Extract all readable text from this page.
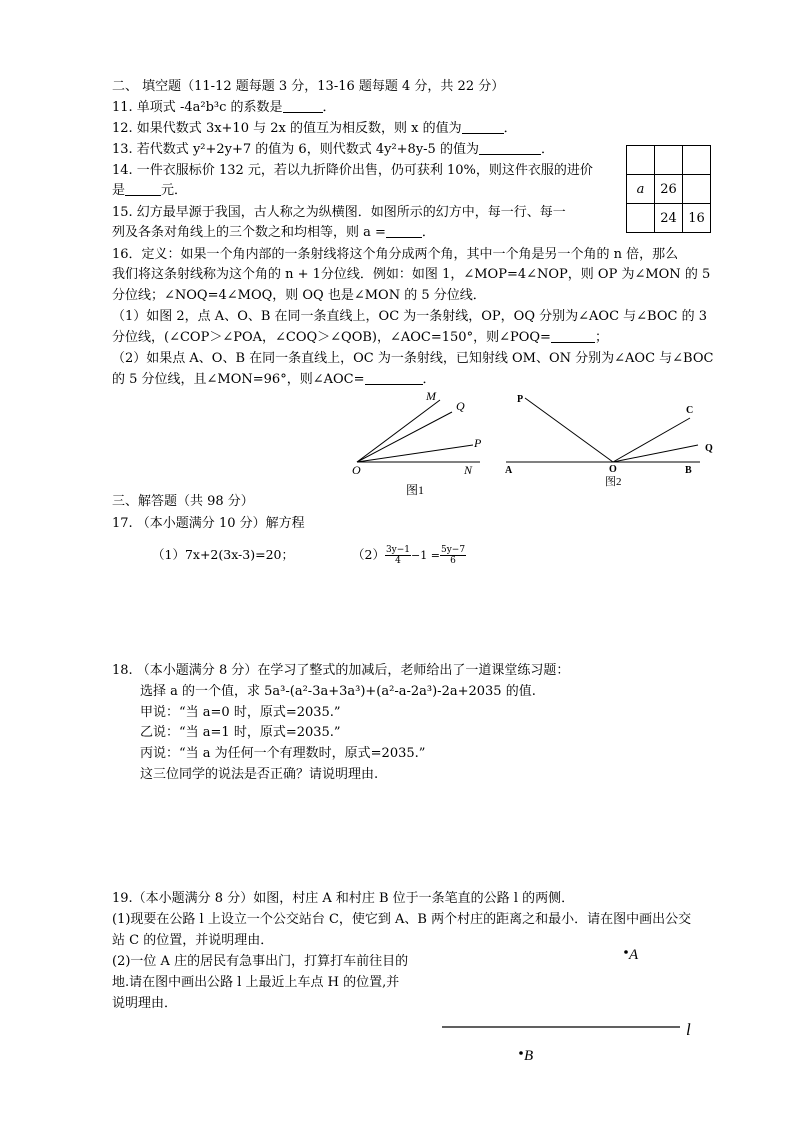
二、 填空题（11-12 题每题 3 分，13-16 题每题 4 分，共 22 分）
11. 单项式 -4a²b³c 的系数是	．
12. 如果代数式 3x+10 与 2x 的值互为相反数，则 x 的值为	．
13. 若代数式 y²+2y+7 的值为 6，则代数式 4y²+8y-5 的值为	．
14. 一件衣服标价 132 元，若以九折降价出售，仍可获利 10%，则这件衣服的进价
是	元．
15. 幻方最早源于我国，古人称之为纵横图．如图所示的幻方中，每一行、每一
列及各条对角线上的三个数之和均相等，则 a =	．

a	26	
	24	16
16．定义：如果一个角内部的一条射线将这个角分成两个角，其中一个角是另一个角的 n 倍，那么
我们将这条射线称为这个角的 n + 1分位线．例如：如图 1，∠MOP=4∠NOP，则 OP 为∠MON 的 5
分位线；∠NOQ=4∠MOQ，则 OQ 也是∠MON 的 5 分位线．
（1）如图 2，点 A、O、B 在同一条直线上，OC 为一条射线，OP，OQ 分别为∠AOC 与∠BOC 的 3
分位线，(∠COP＞∠POA，∠COQ＞∠QOB)，∠AOC=150°，则∠POQ=	；
（2）如果点 A、O、B 在同一条直线上，OC 为一条射线，已知射线 OM、ON 分别为∠AOC 与∠BOC
的 5 分位线，且∠MON=96°，则∠AOC=	．
M
Q
P
O	N
图1
P
C
Q
A	O	B
图2
三、解答题（共 98 分）
17. （本小题满分 10 分）解方程
（1）7x+2(3x-3)=20；	$(2) \frac{3y-1}{4} -1 = \frac{5y-7}{6}$
18. （本小题满分 8 分）在学习了整式的加减后，老师给出了一道课堂练习题：
选择 a 的一个值，求 5a³-(a²-3a+3a³)+(a²-a-2a³)-2a+2035 的值.
甲说：“当 a=0 时，原式=2035.”
乙说：“当 a=1 时，原式=2035.”
丙说：“当 a 为任何一个有理数时，原式=2035.”
这三位同学的说法是否正确？请说明理由.
19.（本小题满分 8 分）如图，村庄 A 和村庄 B 位于一条笔直的公路 l 的两侧．
(1)现要在公路 l 上设立一个公交站台 C，使它到 A、B 两个村庄的距离之和最小．请在图中画出公交
站 C 的位置，并说明理由．
(2)一位 A 庄的居民有急事出门，打算打车前往目的
地.请在图中画出公路 l 上最近上车点 H 的位置,并
说明理由．
A
l
B
